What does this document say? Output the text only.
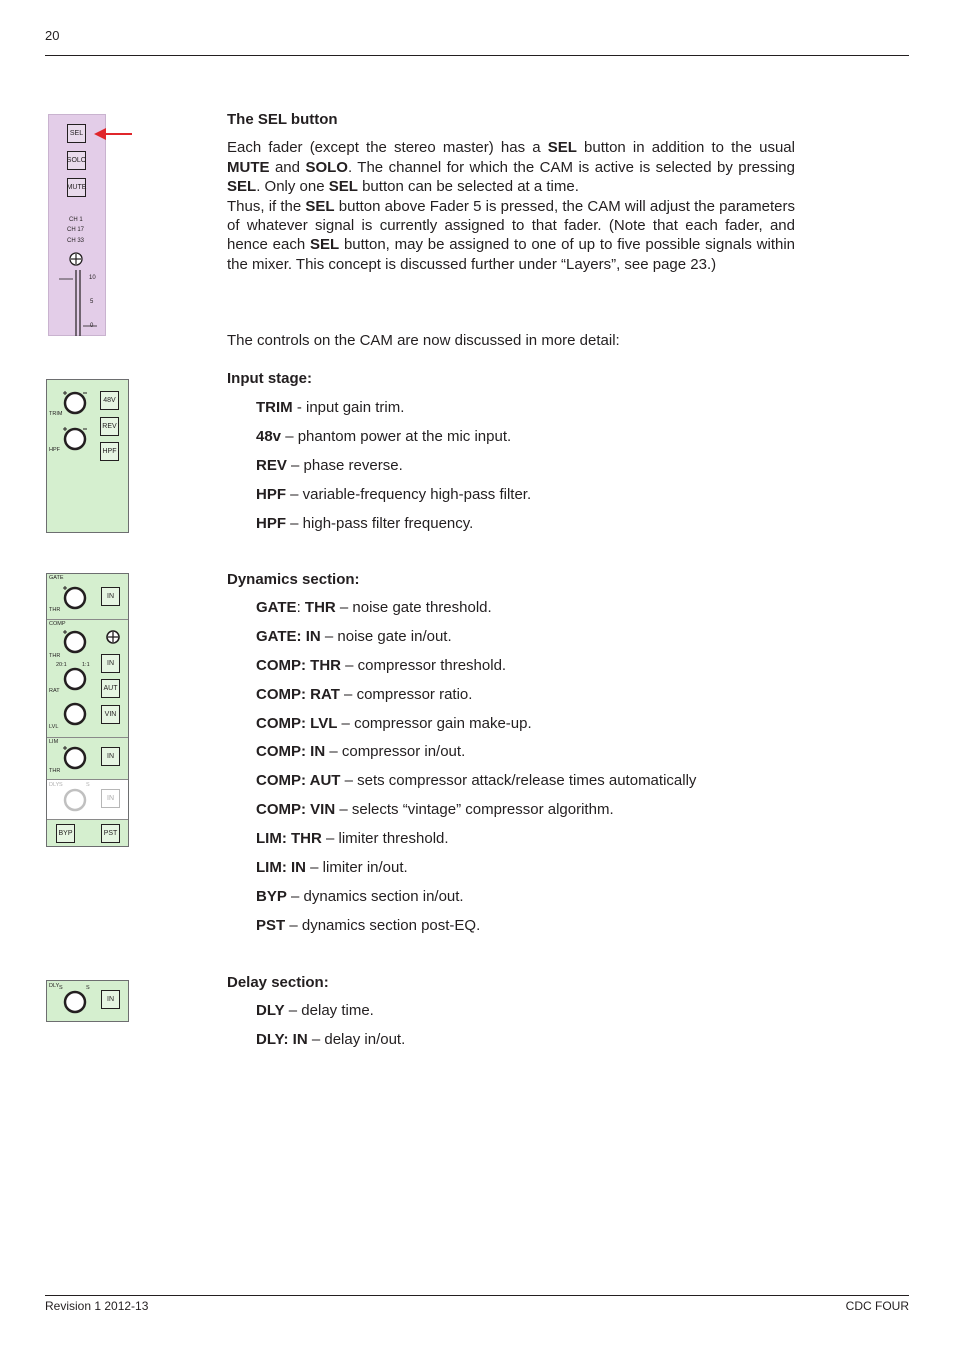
20
SEL
SOLO
MUTE
CH 1
CH 17
CH 33
10
5
0
TRIM
HPF
48V
REV
HPF
GATE
THR
IN
COMP
THR
20:1	1:1
RAT
LVL
IN
AUT
VIN
LIM
THR
IN
DLY S	S
IN
BYP	PST
DLY S	S
IN

The SEL button

Each fader (except the stereo master) has a SEL button in addition to the usual MUTE and SOLO. The channel for which the CAM is active is selected by pressing SEL. Only one SEL button can be selected at a time.

Thus, if the SEL button above Fader 5 is pressed, the CAM will adjust the parameters of whatever signal is currently assigned to that fader. (Note that each fader, and hence each SEL button, may be assigned to one of up to five possible signals within the mixer. This concept is discussed further under “Layers”, see page 23.)

The controls on the CAM are now discussed in more detail:
Input stage:
TRIM - input gain trim.
48v – phantom power at the mic input.
REV – phase reverse.
HPF – variable-frequency high-pass filter.
HPF – high-pass filter frequency.
Dynamics section:
GATE: THR – noise gate threshold.
GATE: IN – noise gate in/out.
COMP: THR – compressor threshold.
COMP: RAT – compressor ratio.
COMP: LVL – compressor gain make-up.
COMP: IN – compressor in/out.
COMP: AUT – sets compressor attack/release times automatically
COMP: VIN – selects “vintage” compressor algorithm.
LIM: THR – limiter threshold.
LIM: IN – limiter in/out.
BYP – dynamics section in/out.
PST – dynamics section post-EQ.
Delay section:
DLY – delay time.
DLY: IN – delay in/out.
Revision 1 2012-13	CDC FOUR
